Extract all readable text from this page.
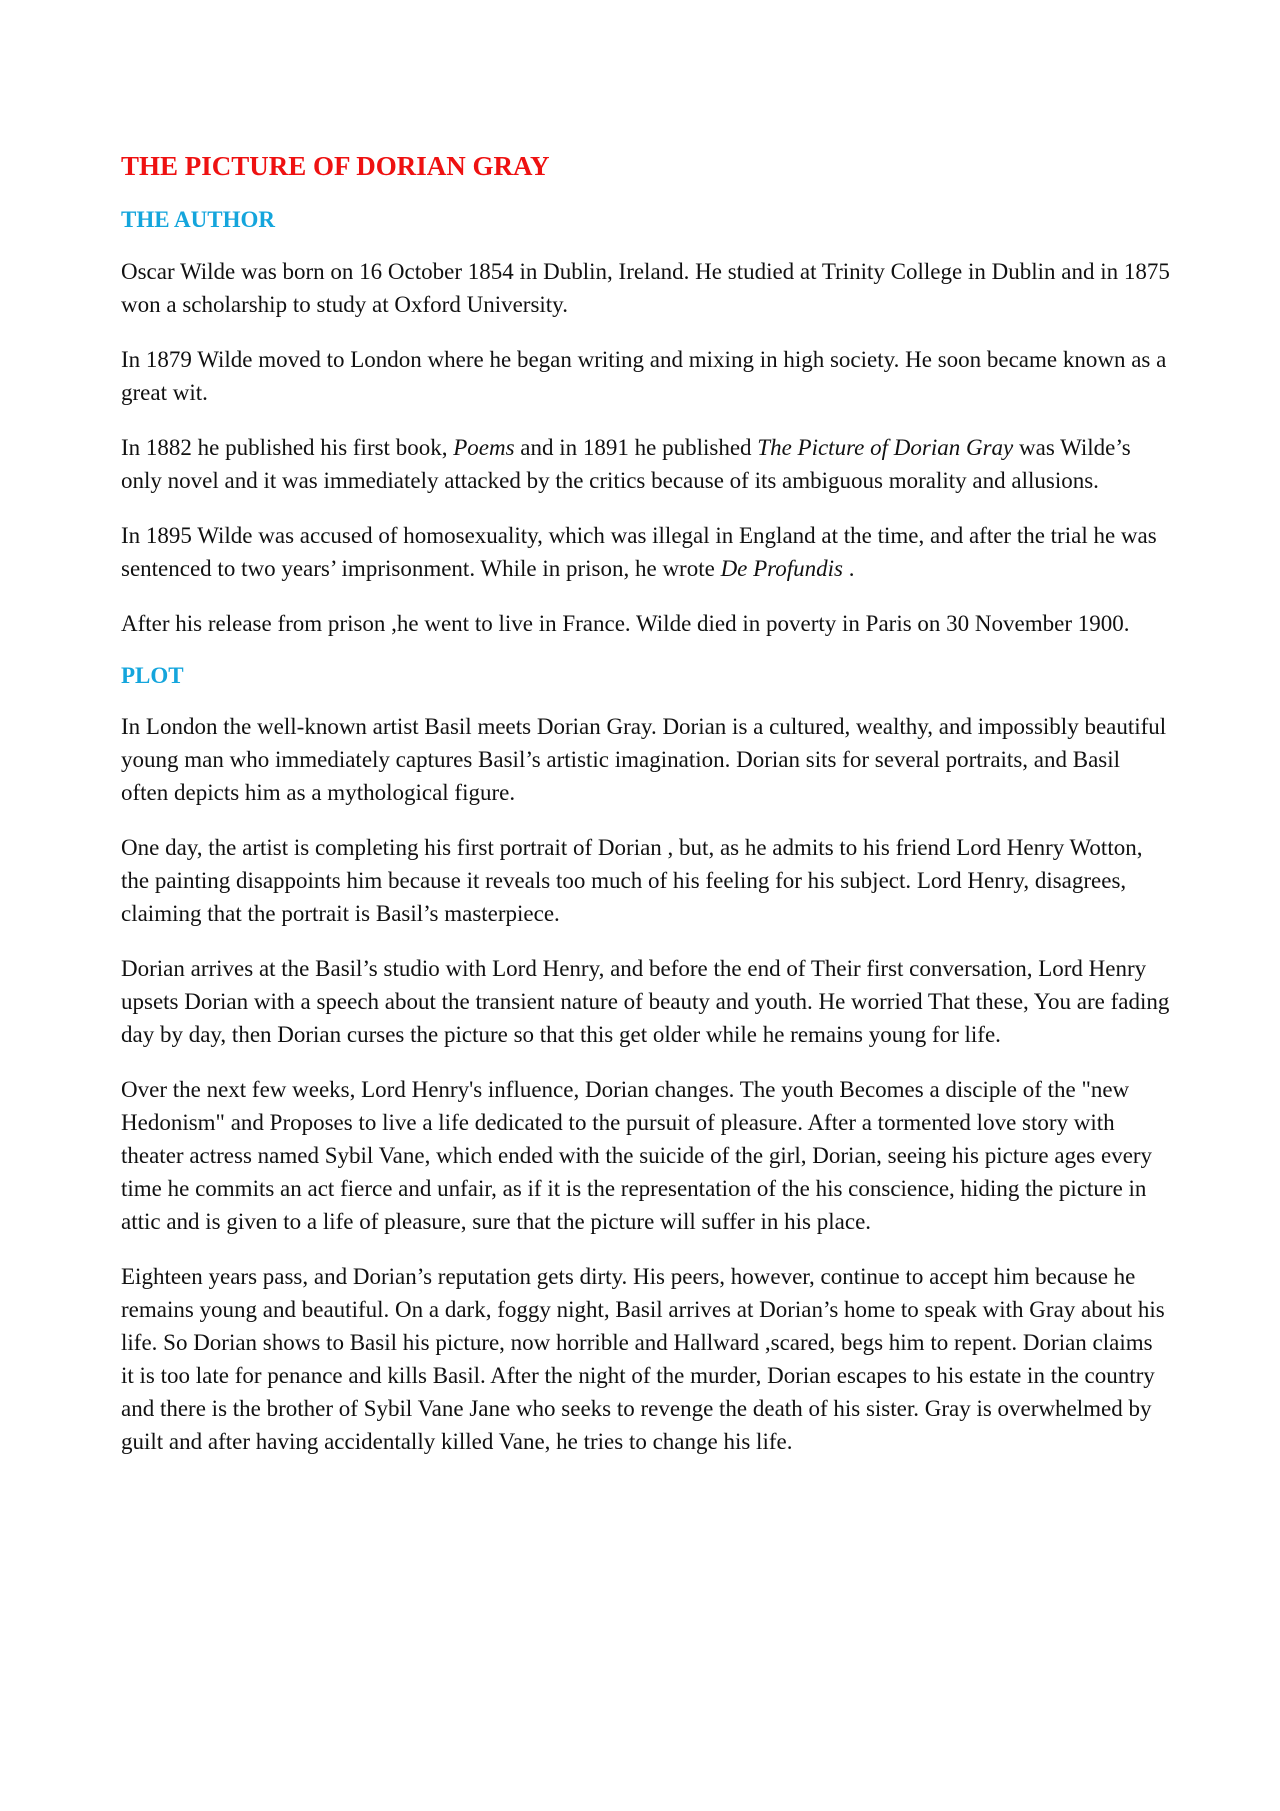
THE PICTURE OF DORIAN GRAY
THE AUTHOR

Oscar Wilde was born on 16 October 1854 in Dublin, Ireland. He studied at Trinity College in Dublin and in 1875 won a scholarship to study at Oxford University.

In 1879 Wilde moved to London where he began writing and mixing in high society. He soon became known as a great wit.

In 1882 he published his first book, Poems and in 1891 he published The Picture of Dorian Gray was Wilde’s only novel and it was immediately attacked by the critics because of its ambiguous morality and allusions.

In 1895 Wilde was accused of homosexuality, which was illegal in England at the time, and after the trial he was sentenced to two years’ imprisonment. While in prison, he wrote De Profundis .

After his release from prison ,he went to live in France. Wilde died in poverty in Paris on 30 November 1900.

PLOT

In London the well-known artist Basil meets Dorian Gray. Dorian is a cultured, wealthy, and impossibly beautiful young man who immediately captures Basil’s artistic imagination. Dorian sits for several portraits, and Basil often depicts him as a mythological figure.

One day, the artist is completing his first portrait of Dorian , but, as he admits to his friend Lord Henry Wotton, the painting disappoints him because it reveals too much of his feeling for his subject. Lord Henry, disagrees, claiming that the portrait is Basil’s masterpiece.

Dorian arrives at the Basil’s studio with Lord Henry, and before the end of Their first conversation, Lord Henry upsets Dorian with a speech about the transient nature of beauty and youth. He worried That these, You are fading day by day, then Dorian curses the picture so that this get older while he remains young for life.

Over the next few weeks, Lord Henry's influence, Dorian changes. The youth Becomes a disciple of the "new Hedonism" and Proposes to live a life dedicated to the pursuit of pleasure. After a tormented love story with theater actress named Sybil Vane, which ended with the suicide of the girl, Dorian, seeing his picture ages every time he commits an act fierce and unfair, as if it is the representation of the his conscience, hiding the picture in attic and is given to a life of pleasure, sure that the picture will suffer in his place.

Eighteen years pass, and Dorian’s reputation gets dirty. His peers, however, continue to accept him because he remains young and beautiful. On a dark, foggy night, Basil arrives at Dorian’s home to speak with Gray about his life. So Dorian shows to Basil his picture, now horrible and Hallward ,scared, begs him to repent. Dorian claims it is too late for penance and kills Basil. After the night of the murder, Dorian escapes to his estate in the country and there is the brother of Sybil Vane Jane who seeks to revenge the death of his sister. Gray is overwhelmed by guilt and after having accidentally killed Vane, he tries to change his life.
